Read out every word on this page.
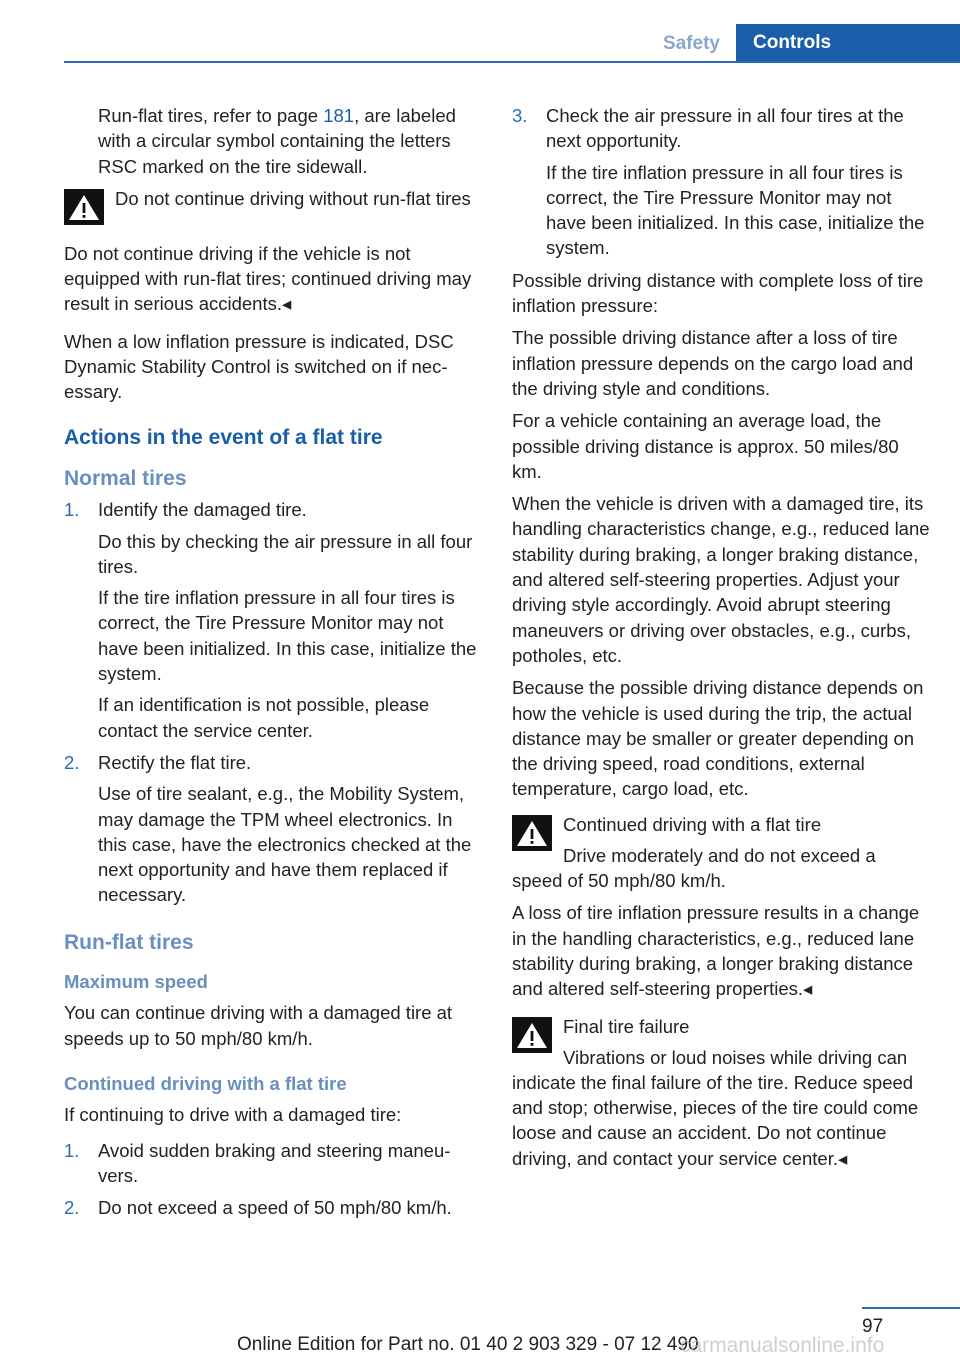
Safety	Controls

Run-flat tires, refer to page 181, are labeled with a circular symbol containing the letters RSC marked on the tire sidewall.

Do not continue driving without run-flat tires

Do not continue driving if the vehicle is not equipped with run-flat tires; continued driving may result in serious accidents.◂

When a low inflation pressure is indicated, DSC Dynamic Stability Control is switched on if necessary.

Actions in the event of a flat tire
Normal tires
1. Identify the damaged tire.

Do this by checking the air pressure in all four tires.

If the tire inflation pressure in all four tires is correct, the Tire Pressure Monitor may not have been initialized. In this case, initialize the system.

If an identification is not possible, please contact the service center.

2. Rectify the flat tire.

Use of tire sealant, e.g., the Mobility System, may damage the TPM wheel electronics. In this case, have the electronics checked at the next opportunity and have them replaced if necessary.

Run-flat tires
Maximum speed

You can continue driving with a damaged tire at speeds up to 50 mph/80 km/h.

Continued driving with a flat tire

If continuing to drive with a damaged tire:

1. Avoid sudden braking and steering maneuvers.
2. Do not exceed a speed of 50 mph/80 km/h.
3. Check the air pressure in all four tires at the next opportunity.

If the tire inflation pressure in all four tires is correct, the Tire Pressure Monitor may not have been initialized. In this case, initialize the system.

Possible driving distance with complete loss of tire inflation pressure:

The possible driving distance after a loss of tire inflation pressure depends on the cargo load and the driving style and conditions.

For a vehicle containing an average load, the possible driving distance is approx. 50 miles/80 km.

When the vehicle is driven with a damaged tire, its handling characteristics change, e.g., reduced lane stability during braking, a longer braking distance, and altered self-steering properties. Adjust your driving style accordingly. Avoid abrupt steering maneuvers or driving over obstacles, e.g., curbs, potholes, etc.

Because the possible driving distance depends on how the vehicle is used during the trip, the actual distance may be smaller or greater depending on the driving speed, road conditions, external temperature, cargo load, etc.

Continued driving with a flat tire

Drive moderately and do not exceed a speed of 50 mph/80 km/h.

A loss of tire inflation pressure results in a change in the handling characteristics, e.g., reduced lane stability during braking, a longer braking distance and altered self-steering properties.◂

Final tire failure

Vibrations or loud noises while driving can indicate the final failure of the tire. Reduce speed and stop; otherwise, pieces of the tire could come loose and cause an accident. Do not continue driving, and contact your service center.◂

97
Online Edition for Part no. 01 40 2 903 329 - 07 12 490
carmanualsonline.info
